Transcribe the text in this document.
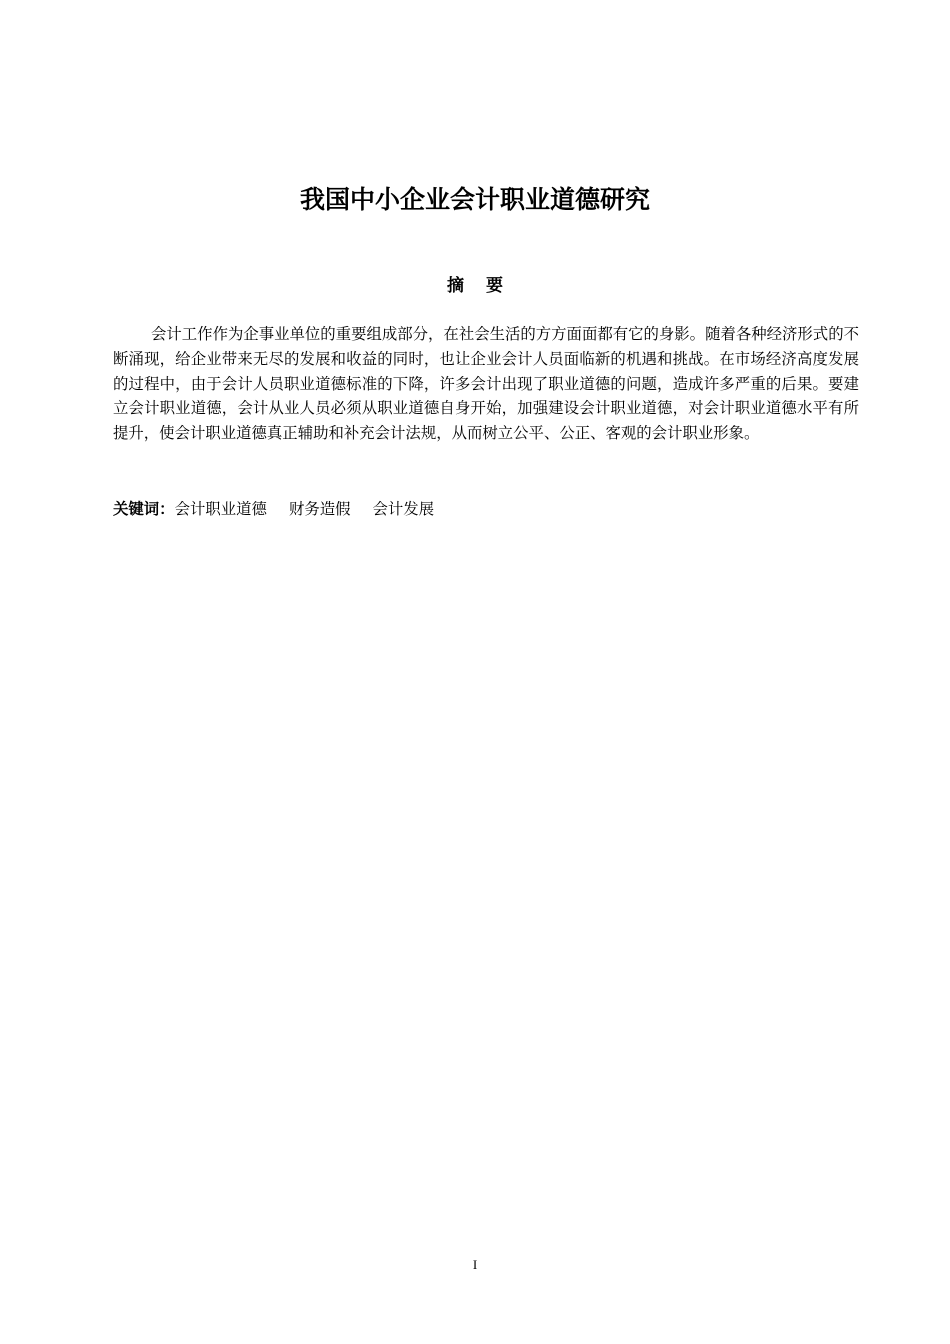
我国中小企业会计职业道德研究
摘要

会计工作作为企事业单位的重要组成部分，在社会生活的方方面面都有它的身影。随着各种经济形式的不断涌现，给企业带来无尽的发展和收益的同时，也让企业会计人员面临新的机遇和挑战。在市场经济高度发展的过程中，由于会计人员职业道德标准的下降，许多会计出现了职业道德的问题，造成许多严重的后果。要建立会计职业道德，会计从业人员必须从职业道德自身开始，加强建设会计职业道德，对会计职业道德水平有所提升，使会计职业道德真正辅助和补充会计法规，从而树立公平、公正、客观的会计职业形象。

关键词：会计职业道德 财务造假 会计发展

I
